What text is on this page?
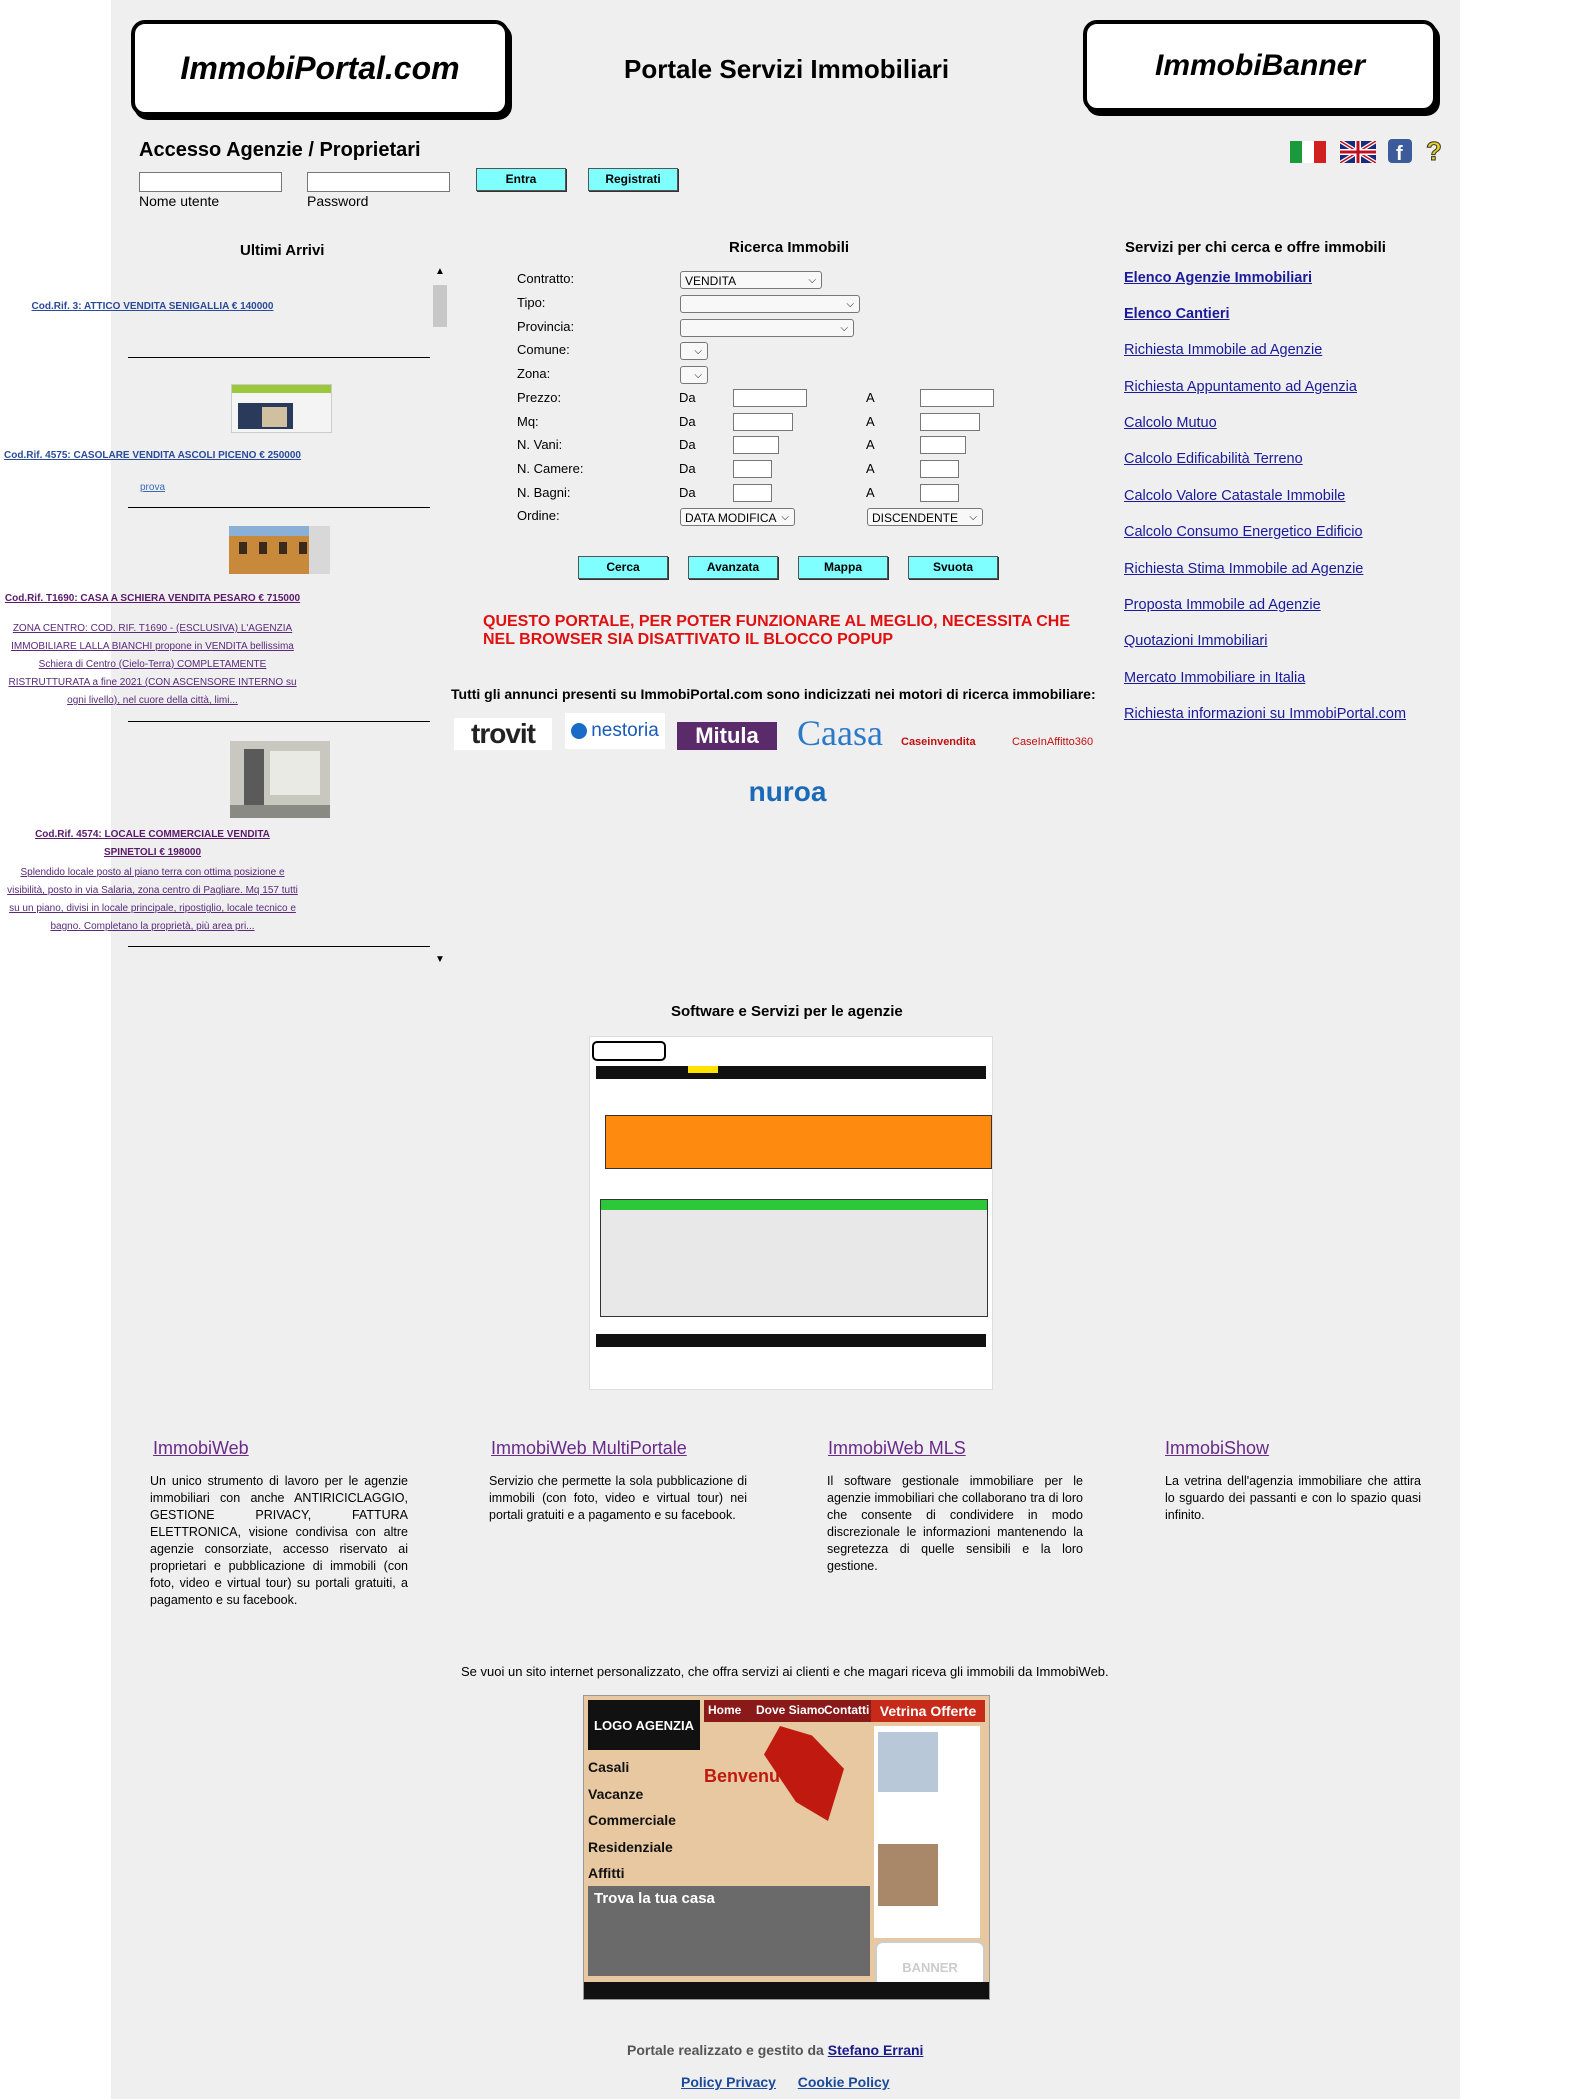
ImmobiPortal.com	Portale Servizi Immobiliari	ImmobiBanner
Accesso Agenzie / Proprietari
Nome utente	Password
Entra	Registrati
f ?
Ultimi Arrivi
▲
▼
Cod.Rif. 3: ATTICO VENDITA SENIGALLIA € 140000
Cod.Rif. 4575: CASOLARE VENDITA ASCOLI PICENO € 250000
prova
Cod.Rif. T1690: CASA A SCHIERA VENDITA PESARO € 715000
ZONA CENTRO: COD. RIF. T1690 - (ESCLUSIVA) L'AGENZIA IMMOBILIARE LALLA BIANCHI propone in VENDITA bellissima Schiera di Centro (Cielo-Terra) COMPLETAMENTE RISTRUTTURATA a fine 2021 (CON ASCENSORE INTERNO su ogni livello), nel cuore della città, limi...
Cod.Rif. 4574: LOCALE COMMERCIALE VENDITA SPINETOLI € 198000
Splendido locale posto al piano terra con ottima posizione e visibilità, posto in via Salaria, zona centro di Pagliare. Mq 157 tutti su un piano, divisi in locale principale, ripostiglio, locale tecnico e bagno. Completano la proprietà, più area pri...
Ricerca Immobili
Contratto:	VENDITA	⌵
Tipo:	⌵
Provincia:	⌵
Comune:	⌵
Zona:	⌵
Prezzo:	Da	A
Mq:	Da	A
N. Vani:	Da	A
N. Camere:	Da	A
N. Bagni:	Da	A
Ordine:	DATA MODIFICA ⌵	DISCENDENTE ⌵
Cerca	Avanzata	Mappa	Svuota
QUESTO PORTALE, PER POTER FUNZIONARE AL MEGLIO, NECESSITA CHE NEL BROWSER SIA DISATTIVATO IL BLOCCO POPUP
Tutti gli annunci presenti su ImmobiPortal.com sono indicizzati nei motori di ricerca immobiliare:
trovit	nestoria Mitula Caasa Caseinvendita	CaseInAffitto360
nuroa
Servizi per chi cerca e offre immobili
Elenco Agenzie Immobiliari
Elenco Cantieri
Richiesta Immobile ad Agenzie
Richiesta Appuntamento ad Agenzia
Calcolo Mutuo
Calcolo Edificabilità Terreno
Calcolo Valore Catastale Immobile
Calcolo Consumo Energetico Edificio
Richiesta Stima Immobile ad Agenzie
Proposta Immobile ad Agenzie
Quotazioni Immobiliari
Mercato Immobiliare in Italia
Richiesta informazioni su ImmobiPortal.com
Software e Servizi per le agenzie
ImmobiWeb
Un unico strumento di lavoro per le agenzie immobiliari con anche ANTIRICICLAGGIO, GESTIONE PRIVACY, FATTURA ELETTRONICA, visione condivisa con altre agenzie consorziate, accesso riservato ai proprietari e pubblicazione di immobili (con foto, video e virtual tour) su portali gratuiti, a pagamento e su facebook.
ImmobiWeb MultiPortale
Servizio che permette la sola pubblicazione di immobili (con foto, video e virtual tour) nei portali gratuiti e a pagamento e su facebook.
ImmobiWeb MLS
Il software gestionale immobiliare per le agenzie immobiliari che collaborano tra di loro che consente di condividere in modo discrezionale le informazioni mantenendo la segretezza di quelle sensibili e la loro gestione.
ImmobiShow
La vetrina dell'agenzia immobiliare che attira lo sguardo dei passanti e con lo spazio quasi infinito.
Se vuoi un sito internet personalizzato, che offra servizi ai clienti e che magari riceva gli immobili da ImmobiWeb.
LOGO AGENZIA
Home Dove Siamo Contatti Vetrina Offerte
Casali
Vacanze
Commerciale
Residenziale
Affitti
Benvenuti...
Trova la tua casa
BANNER
Portale realizzato e gestito da Stefano Errani
Policy Privacy Cookie Policy
